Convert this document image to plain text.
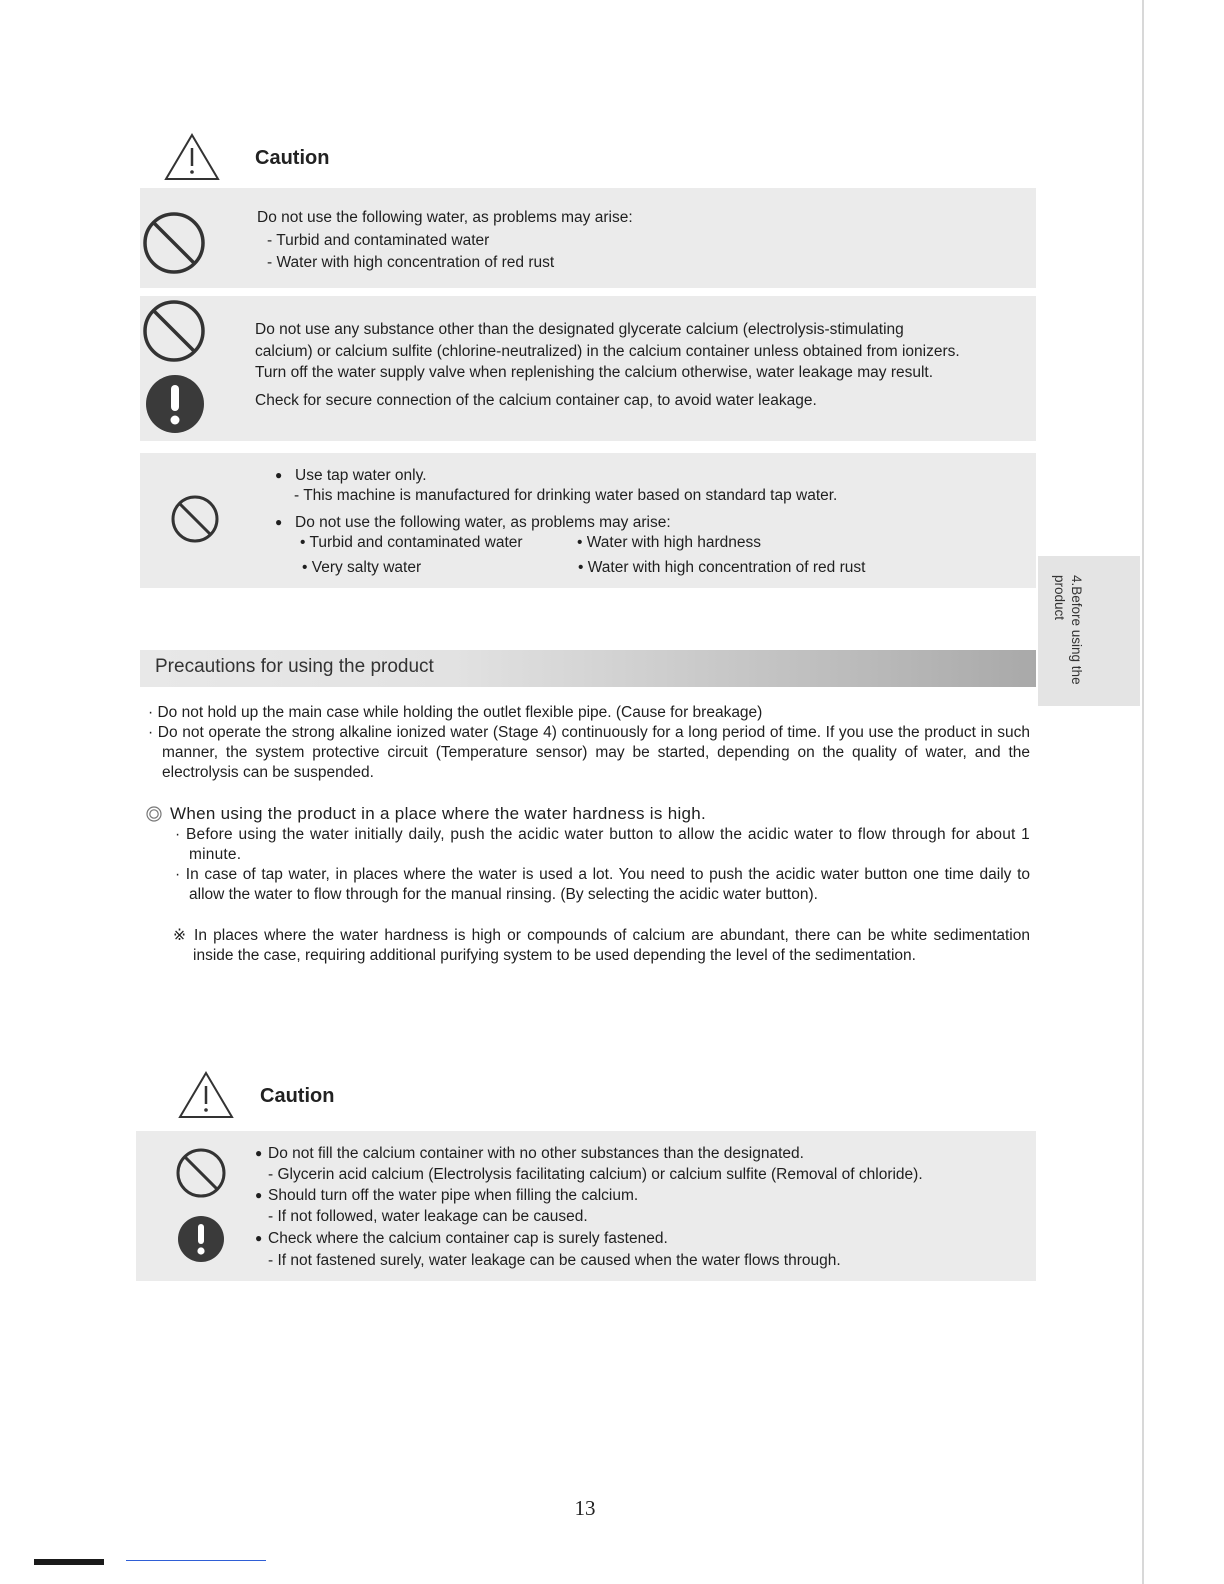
Caution
Do not use the following water, as problems may arise:
- Turbid and contaminated water
- Water with high concentration of red rust
Do not use any substance other than the designated glycerate calcium (electrolysis-stimulating
calcium) or calcium sulfite (chlorine-neutralized) in the calcium container unless obtained from ionizers.
Turn off the water supply valve when replenishing the calcium otherwise, water leakage may result.
Check for secure connection of the calcium container cap, to avoid water leakage.
●
Use tap water only.
- This machine is manufactured for drinking water based on standard tap water.
●
Do not use the following water, as problems may arise:
• Turbid and contaminated water	• Water with high hardness
• Very salty water	• Water with high concentration of red rust
4.Before using the product
Precautions for using the product
· Do not hold up the main case while holding the outlet flexible pipe. (Cause for breakage)
· Do not operate the strong alkaline ionized water (Stage 4) continuously for a long period of time. If you use the product in such manner, the system protective circuit (Temperature sensor) may be started, depending on the quality of water, and the electrolysis can be suspended.
When using the product in a place where the water hardness is high.
· Before using the water initially daily, push the acidic water button to allow the acidic water to flow through for about 1 minute.
· In case of tap water, in places where the water is used a lot. You need to push the acidic water button one time daily to allow the water to flow through for the manual rinsing. (By selecting the acidic water button).
※ In places where the water hardness is high or compounds of calcium are abundant, there can be white sedimentation inside the case, requiring additional purifying system to be used depending the level of the sedimentation.
Caution
●
Do not fill the calcium container with no other substances than the designated.
- Glycerin acid calcium (Electrolysis facilitating calcium) or calcium sulfite (Removal of chloride).
●
Should turn off the water pipe when filling the calcium.
- If not followed, water leakage can be caused.
●
Check where the calcium container cap is surely fastened.
- If not fastened surely, water leakage can be caused when the water flows through.
13
